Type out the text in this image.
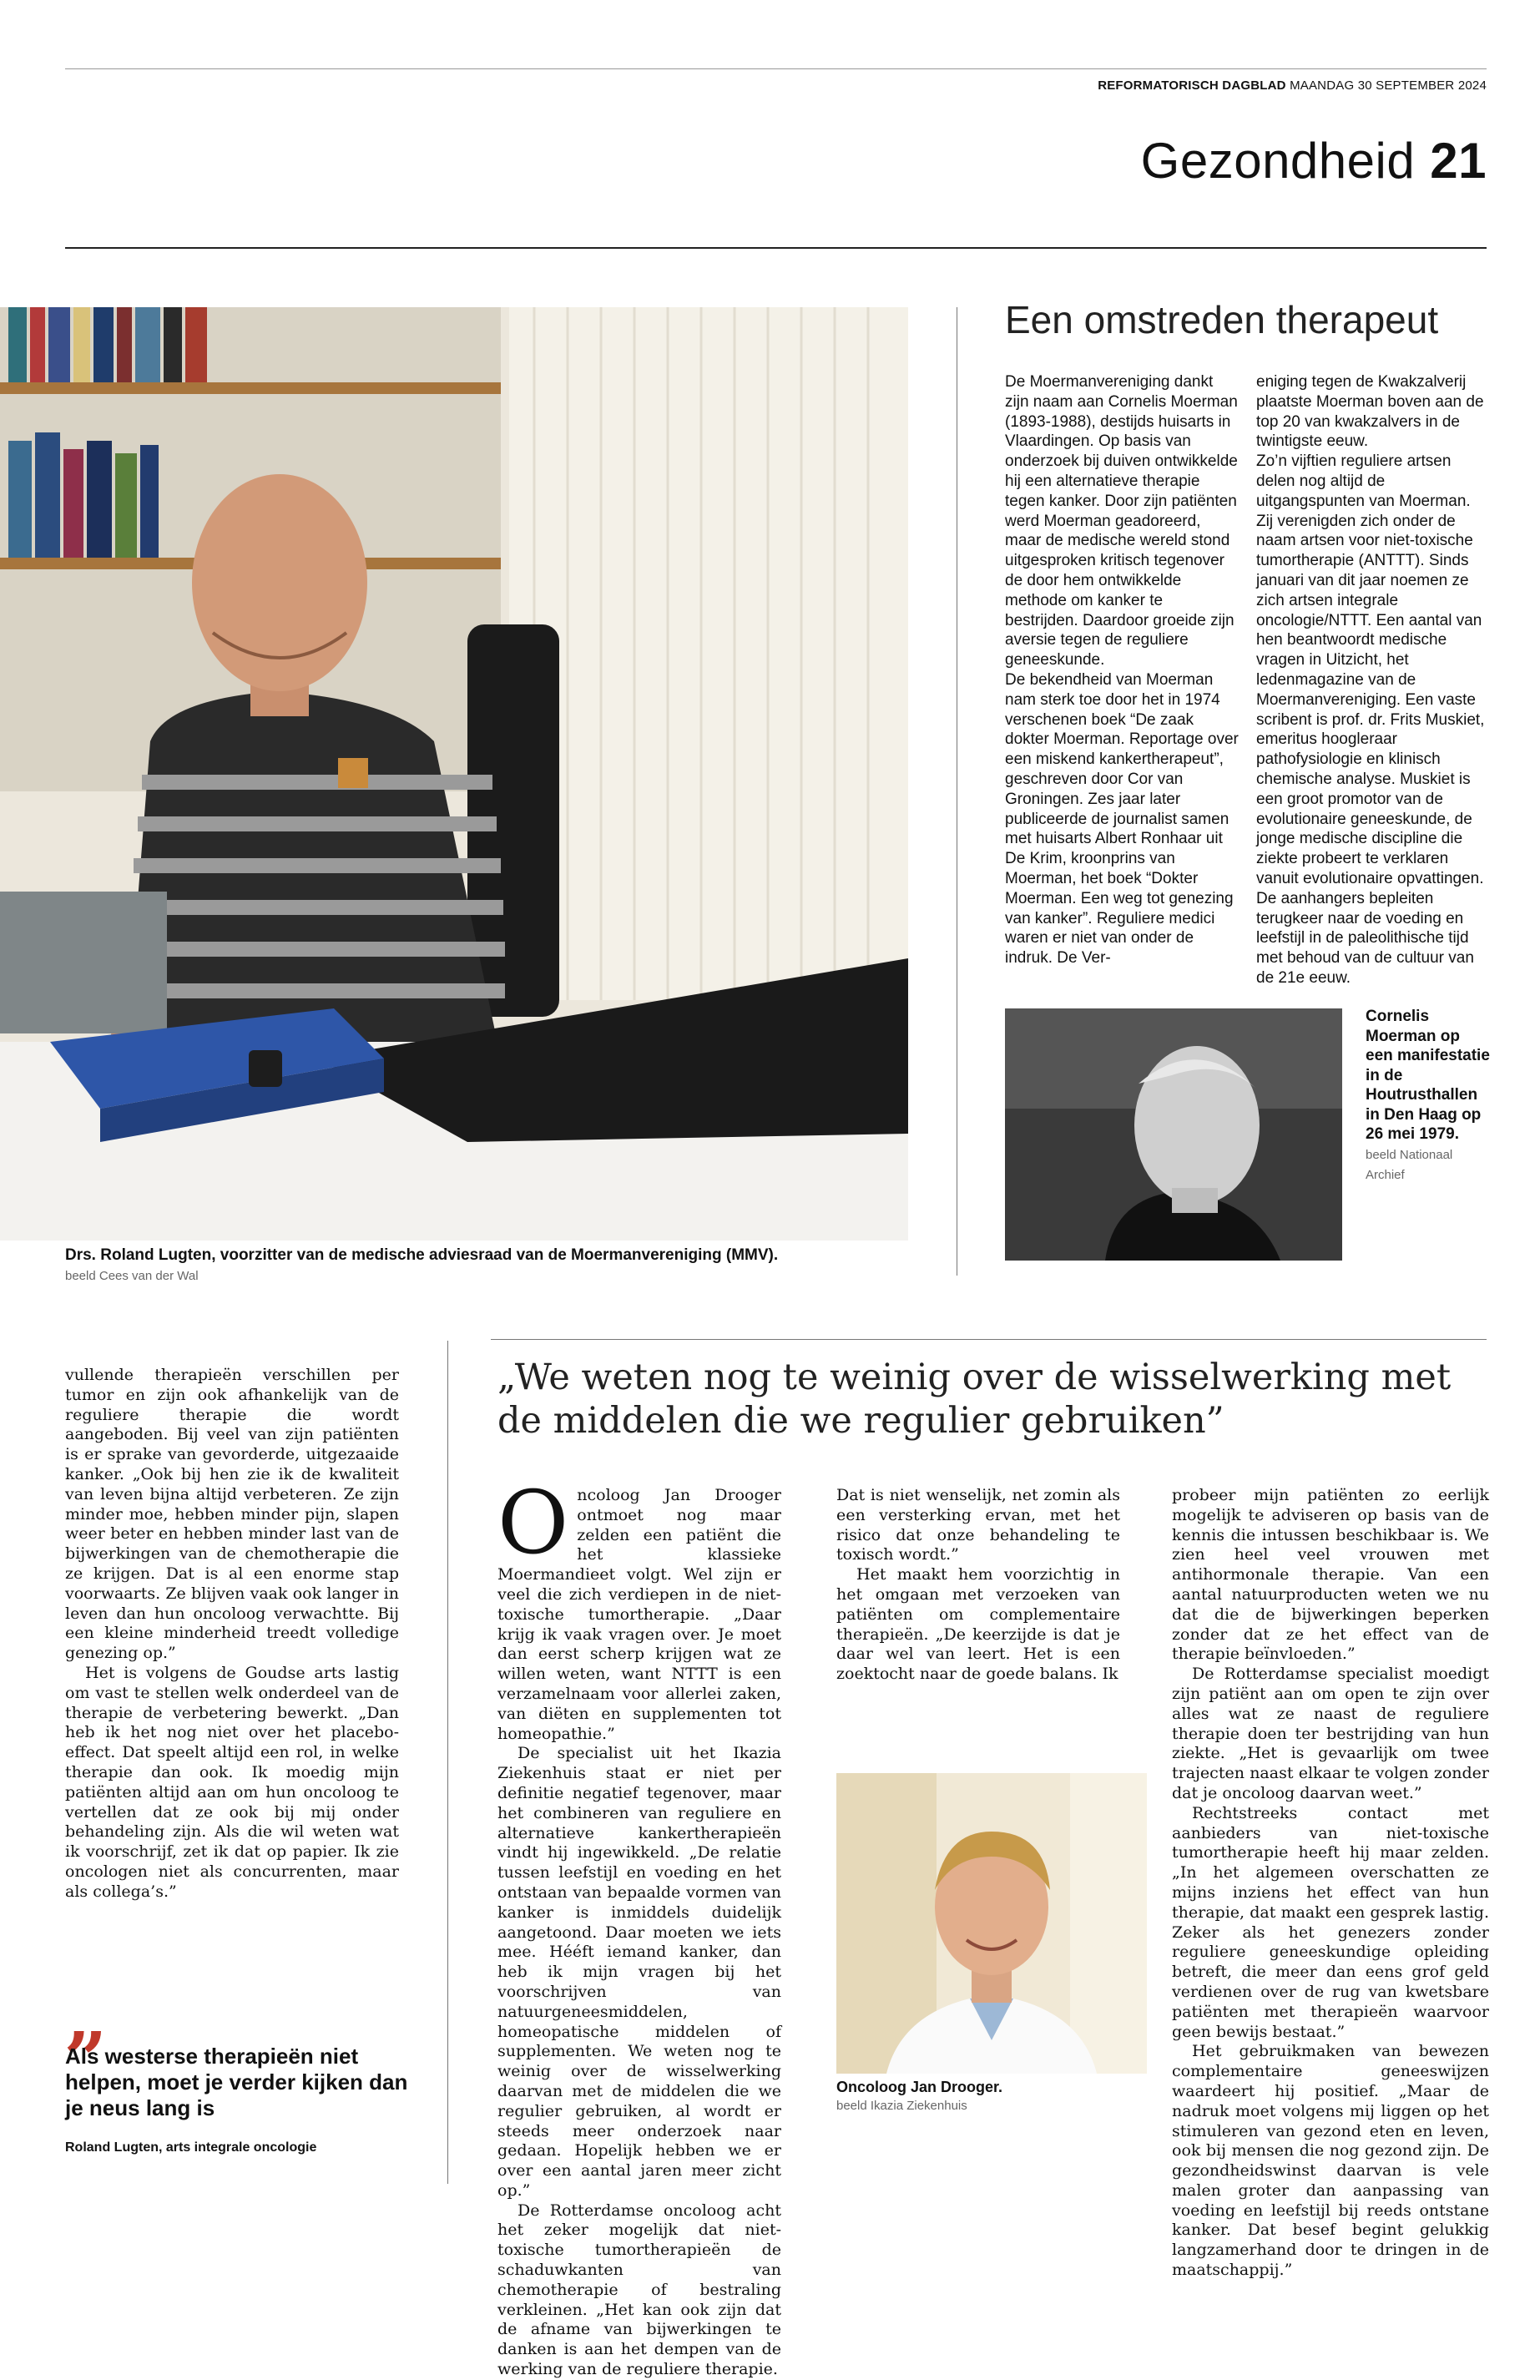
REFORMATORISCH DAGBLAD MAANDAG 30 SEPTEMBER 2024
Gezondheid 21
Drs. Roland Lugten, voorzitter van de medische adviesraad van de Moermanvereniging (MMV).
beeld Cees van der Wal
Een omstreden therapeut

De Moermanvereniging dankt zijn naam aan Cornelis Moerman (1893-1988), destijds huisarts in Vlaardingen. Op basis van onderzoek bij duiven ontwikkelde hij een alternatieve therapie tegen kanker. Door zijn patiënten werd Moerman geadoreerd, maar de medische wereld stond uitgesproken kritisch tegenover de door hem ontwikkelde methode om kanker te bestrijden. Daardoor groeide zijn aversie tegen de reguliere geneeskunde.

De bekendheid van Moerman nam sterk toe door het in 1974 verschenen boek “De zaak dokter Moerman. Reportage over een miskend kankertherapeut”, geschreven door Cor van Groningen. Zes jaar later publiceerde de journalist samen met huisarts Albert Ronhaar uit De Krim, kroonprins van Moerman, het boek “Dokter Moerman. Een weg tot genezing van kanker”. Reguliere medici waren er niet van onder de indruk. De Ver-

eniging tegen de Kwakzalverij plaatste Moerman boven aan de top 20 van kwakzalvers in de twintigste eeuw.

Zo’n vijftien reguliere artsen delen nog altijd de uitgangspunten van Moerman. Zij verenigden zich onder de naam artsen voor niet-toxische tumortherapie (ANTTT). Sinds januari van dit jaar noemen ze zich artsen integrale oncologie/NTTT. Een aantal van hen beantwoordt medische vragen in Uitzicht, het ledenmagazine van de Moermanvereniging. Een vaste scribent is prof. dr. Frits Muskiet, emeritus hoogleraar pathofysiologie en klinisch chemische analyse. Muskiet is een groot promotor van de evolutionaire geneeskunde, de jonge medische discipline die ziekte probeert te verklaren vanuit evolutionaire opvattingen.

De aanhangers bepleiten terugkeer naar de voeding en leefstijl in de paleolithische tijd met behoud van de cultuur van de 21e eeuw.

Cornelis Moerman op een manifestatie in de Houtrusthallen in Den Haag op 26 mei 1979. beeld Nationaal Archief

vullende therapieën verschillen per tumor en zijn ook afhankelijk van de reguliere therapie die wordt aangeboden. Bij veel van zijn patiënten is er sprake van gevorderde, uitgezaaide kanker. „Ook bij hen zie ik de kwaliteit van leven bijna altijd verbeteren. Ze zijn minder moe, hebben minder pijn, slapen weer beter en hebben minder last van de bijwerkingen van de chemotherapie die ze krijgen. Dat is al een enorme stap voorwaarts. Ze blijven vaak ook langer in leven dan hun oncoloog verwachtte. Bij een kleine minderheid treedt volledige genezing op.”

Het is volgens de Goudse arts lastig om vast te stellen welk onderdeel van de therapie de verbetering bewerkt. „Dan heb ik het nog niet over het placebo-effect. Dat speelt altijd een rol, in welke therapie dan ook. Ik moedig mijn patiënten altijd aan om hun oncoloog te vertellen dat ze ook bij mij onder behandeling zijn. Als die wil weten wat ik voorschrijf, zet ik dat op papier. Ik zie oncologen niet als concurrenten, maar als collega’s.”

„
Als westerse therapieën niet helpen, moet je verder kijken dan je neus lang is
Roland Lugten, arts integrale oncologie
„We weten nog te weinig over de wisselwerking met de middelen die we regulier gebruiken”

Oncoloog Jan Drooger ontmoet nog maar zelden een patiënt die het klassieke Moermandieet volgt. Wel zijn er veel die zich verdiepen in de niet-toxische tumortherapie. „Daar krijg ik vaak vragen over. Je moet dan eerst scherp krijgen wat ze willen weten, want NTTT is een verzamelnaam voor allerlei zaken, van diëten en supplementen tot homeopathie.”

De specialist uit het Ikazia Ziekenhuis staat er niet per definitie negatief tegenover, maar het combineren van reguliere en alternatieve kankertherapieën vindt hij ingewikkeld. „De relatie tussen leefstijl en voeding en het ontstaan van bepaalde vormen van kanker is inmiddels duidelijk aangetoond. Daar moeten we iets mee. Hééft iemand kanker, dan heb ik mijn vragen bij het voorschrijven van natuurgeneesmiddelen, homeopatische middelen of supplementen. We weten nog te weinig over de wisselwerking daarvan met de middelen die we regulier gebruiken, al wordt er steeds meer onderzoek naar gedaan. Hopelijk hebben we er over een aantal jaren meer zicht op.”

De Rotterdamse oncoloog acht het zeker mogelijk dat niet-toxische tumortherapieën de schaduwkanten van chemotherapie of bestraling verkleinen. „Het kan ook zijn dat de afname van bijwerkingen te danken is aan het dempen van de werking van de reguliere therapie.

Dat is niet wenselijk, net zomin als een versterking ervan, met het risico dat onze behandeling te toxisch wordt.”

Het maakt hem voorzichtig in het omgaan met verzoeken van patiënten om complementaire therapieën. „De keerzijde is dat je daar wel van leert. Het is een zoektocht naar de goede balans. Ik

Oncoloog Jan Drooger.
beeld Ikazia Ziekenhuis

probeer mijn patiënten zo eerlijk mogelijk te adviseren op basis van de kennis die intussen beschikbaar is. We zien heel veel vrouwen met antihormonale therapie. Van een aantal natuurproducten weten we nu dat die de bijwerkingen beperken zonder dat ze het effect van de therapie beïnvloeden.”

De Rotterdamse specialist moedigt zijn patiënt aan om open te zijn over alles wat ze naast de reguliere therapie doen ter bestrijding van hun ziekte. „Het is gevaarlijk om twee trajecten naast elkaar te volgen zonder dat je oncoloog daarvan weet.”

Rechtstreeks contact met aanbieders van niet-toxische tumortherapie heeft hij maar zelden. „In het algemeen overschatten ze mijns inziens het effect van hun therapie, dat maakt een gesprek lastig. Zeker als het genezers zonder reguliere geneeskundige opleiding betreft, die meer dan eens grof geld verdienen over de rug van kwetsbare patiënten met therapieën waarvoor geen bewijs bestaat.”

Het gebruikmaken van bewezen complementaire geneeswijzen waardeert hij positief. „Maar de nadruk moet volgens mij liggen op het stimuleren van gezond eten en leven, ook bij mensen die nog gezond zijn. De gezondheidswinst daarvan is vele malen groter dan aanpassing van voeding en leefstijl bij reeds ontstane kanker. Dat besef begint gelukkig langzamerhand door te dringen in de maatschappij.”
